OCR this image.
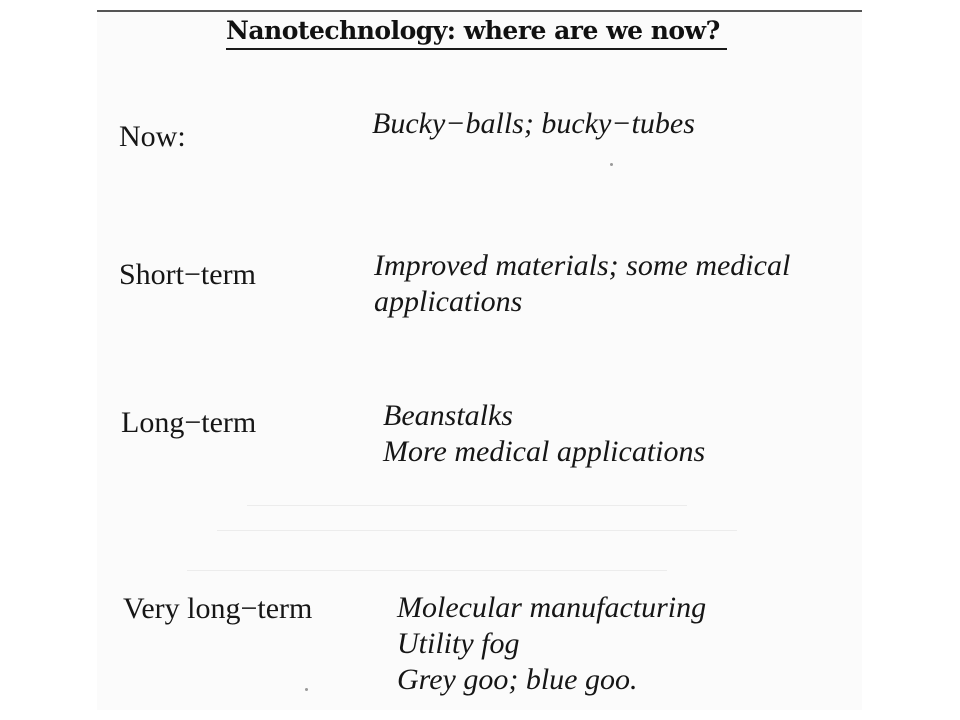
Nanotechnology: where are we now?
Now:	Bucky−balls; bucky−tubes
Short−term	Improved materials; some medical
applications
Long−term	Beanstalks
More medical applications
Very long−term	Molecular manufacturing
Utility fog
Grey goo; blue goo.
